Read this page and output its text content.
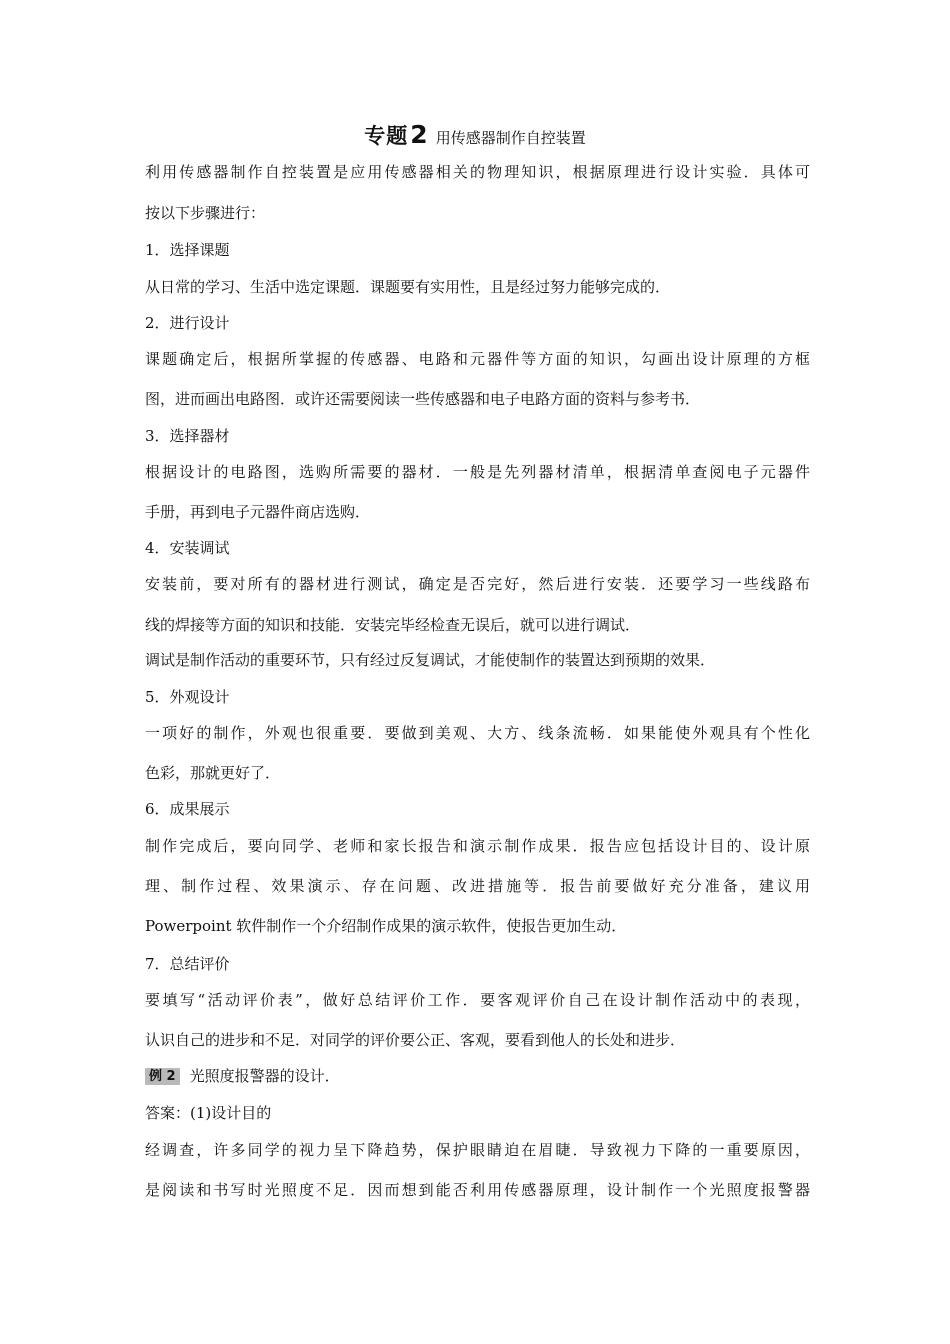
专题2 用传感器制作自控装置
利用传感器制作自控装置是应用传感器相关的物理知识，根据原理进行设计实验．具体可
按以下步骤进行：
1．选择课题
从日常的学习、生活中选定课题．课题要有实用性，且是经过努力能够完成的．
2．进行设计
课题确定后，根据所掌握的传感器、电路和元器件等方面的知识，勾画出设计原理的方框
图，进而画出电路图．或许还需要阅读一些传感器和电子电路方面的资料与参考书．
3．选择器材
根据设计的电路图，选购所需要的器材．一般是先列器材清单，根据清单查阅电子元器件
手册，再到电子元器件商店选购．
4．安装调试
安装前，要对所有的器材进行测试，确定是否完好，然后进行安装．还要学习一些线路布
线的焊接等方面的知识和技能．安装完毕经检查无误后，就可以进行调试．
调试是制作活动的重要环节，只有经过反复调试，才能使制作的装置达到预期的效果．
5．外观设计
一项好的制作，外观也很重要．要做到美观、大方、线条流畅．如果能使外观具有个性化
色彩，那就更好了．
6．成果展示
制作完成后，要向同学、老师和家长报告和演示制作成果．报告应包括设计目的、设计原
理、制作过程、效果演示、存在问题、改进措施等．报告前要做好充分准备，建议用
Powerpoint 软件制作一个介绍制作成果的演示软件，使报告更加生动．
7．总结评价
要填写“活动评价表”，做好总结评价工作．要客观评价自己在设计制作活动中的表现，
认识自己的进步和不足．对同学的评价要公正、客观，要看到他人的长处和进步．
例 2 光照度报警器的设计．
答案：(1)设计目的
经调查，许多同学的视力呈下降趋势，保护眼睛迫在眉睫．导致视力下降的一重要原因，
是阅读和书写时光照度不足．因而想到能否利用传感器原理，设计制作一个光照度报警器
